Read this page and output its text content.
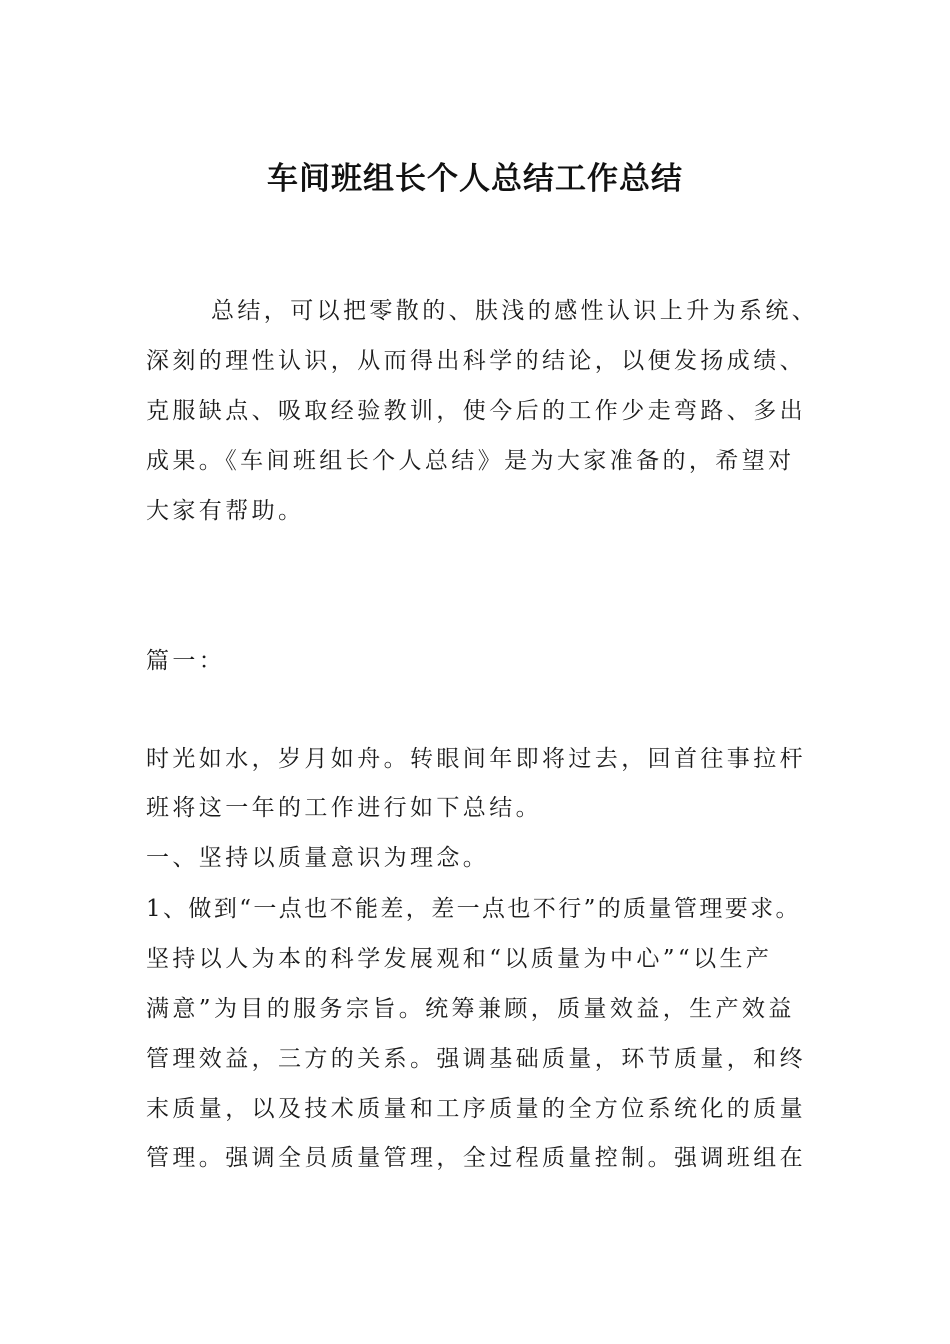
车间班组长个人总结工作总结
总结，可以把零散的、肤浅的感性认识上升为系统、
深刻的理性认识，从而得出科学的结论，以便发扬成绩、
克服缺点、吸取经验教训，使今后的工作少走弯路、多出
成果。《车间班组长个人总结》是为大家准备的，希望对
大家有帮助。
篇一：
时光如水，岁月如舟。转眼间年即将过去，回首往事拉杆
班将这一年的工作进行如下总结。
一、坚持以质量意识为理念。
1、做到“一点也不能差，差一点也不行”的质量管理要求。
坚持以人为本的科学发展观和“以质量为中心”“以生产
满意”为目的服务宗旨。统筹兼顾，质量效益，生产效益
管理效益，三方的关系。强调基础质量，环节质量，和终
末质量，以及技术质量和工序质量的全方位系统化的质量
管理。强调全员质量管理，全过程质量控制。强调班组在
